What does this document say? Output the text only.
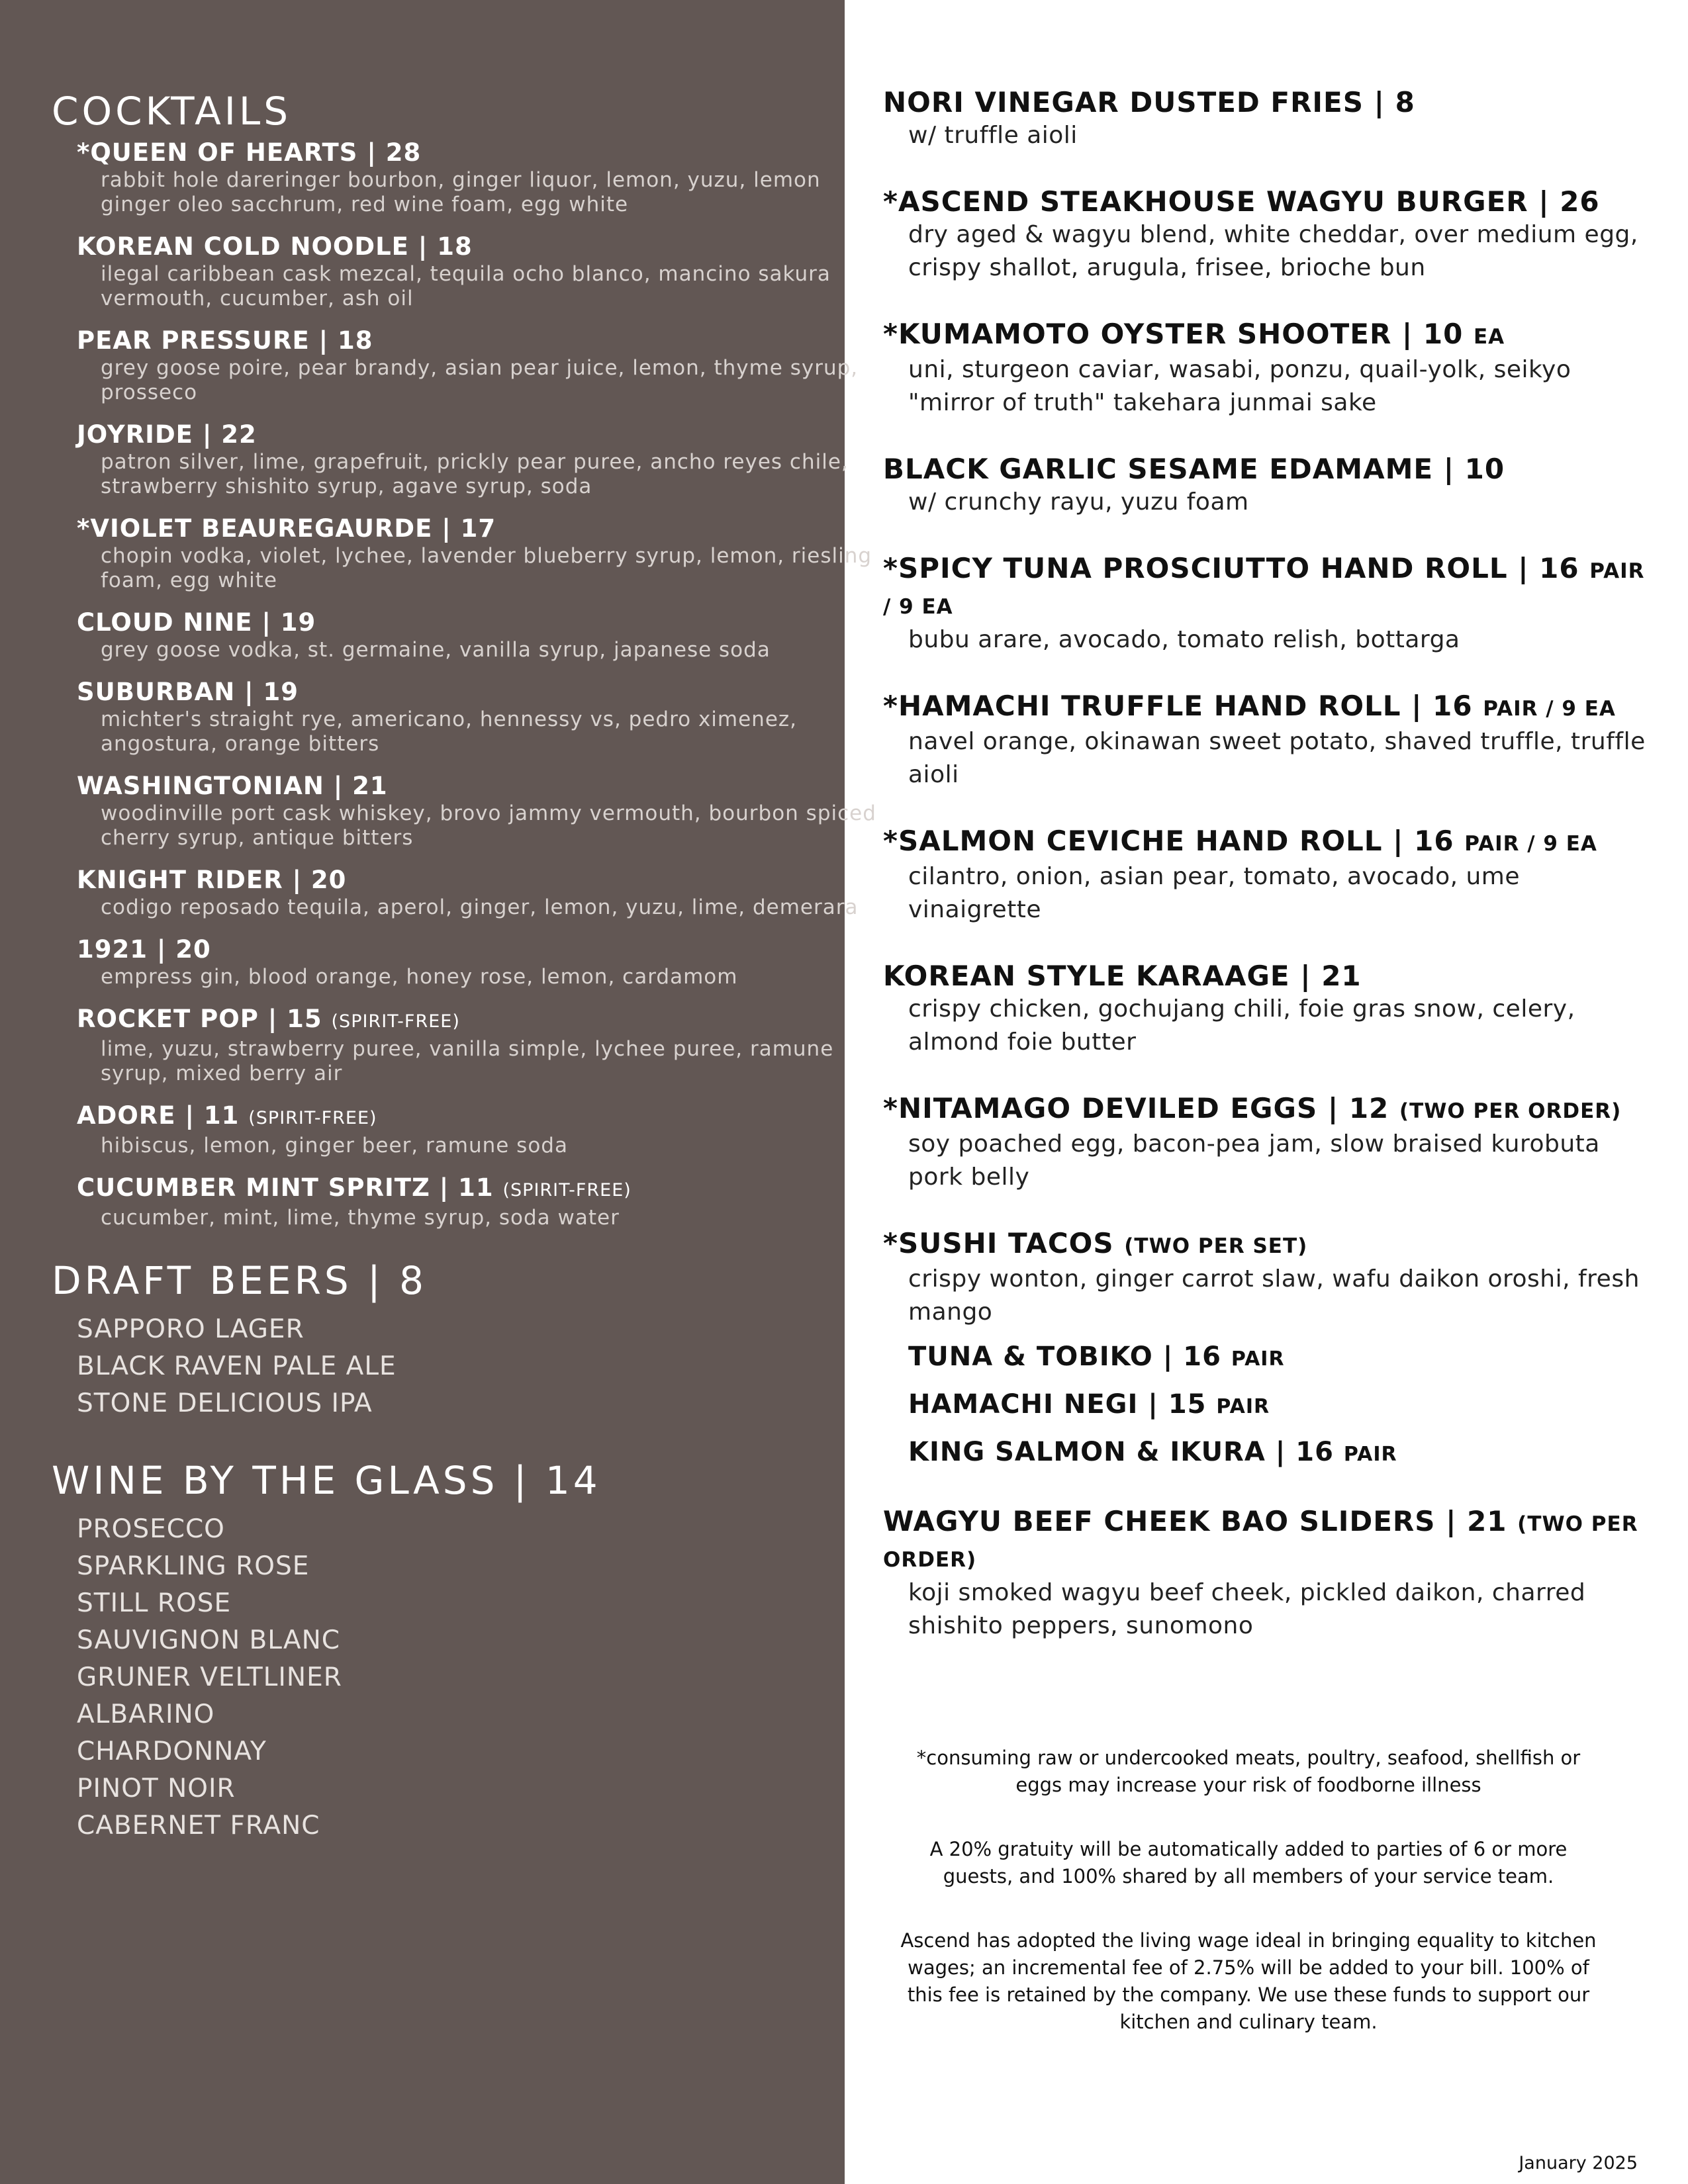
COCKTAILS
*QUEEN OF HEARTS | 28
rabbit hole dareringer bourbon, ginger liquor, lemon, yuzu, lemon ginger oleo sacchrum, red wine foam, egg white
KOREAN COLD NOODLE | 18
ilegal caribbean cask mezcal, tequila ocho blanco, mancino sakura vermouth, cucumber, ash oil
PEAR PRESSURE | 18
grey goose poire, pear brandy, asian pear juice, lemon, thyme syrup, prosseco
JOYRIDE | 22
patron silver, lime, grapefruit, prickly pear puree, ancho reyes chile, strawberry shishito syrup, agave syrup, soda
*VIOLET BEAUREGAURDE | 17
chopin vodka, violet, lychee, lavender blueberry syrup, lemon, riesling foam, egg white
CLOUD NINE | 19
grey goose vodka, st. germaine, vanilla syrup, japanese soda
SUBURBAN | 19
michter's straight rye, americano, hennessy vs, pedro ximenez, angostura, orange bitters
WASHINGTONIAN | 21
woodinville port cask whiskey, brovo jammy vermouth, bourbon spiced cherry syrup, antique bitters
KNIGHT RIDER | 20
codigo reposado tequila, aperol, ginger, lemon, yuzu, lime, demerara
1921 | 20
empress gin, blood orange, honey rose, lemon, cardamom
ROCKET POP | 15 (SPIRIT-FREE)
lime, yuzu, strawberry puree, vanilla simple, lychee puree, ramune syrup, mixed berry air
ADORE | 11 (SPIRIT-FREE)
hibiscus, lemon, ginger beer, ramune soda
CUCUMBER MINT SPRITZ | 11 (SPIRIT-FREE)
cucumber, mint, lime, thyme syrup, soda water
DRAFT BEERS | 8
SAPPORO LAGER
BLACK RAVEN PALE ALE
STONE DELICIOUS IPA
WINE BY THE GLASS | 14
PROSECCO
SPARKLING ROSE
STILL ROSE
SAUVIGNON BLANC
GRUNER VELTLINER
ALBARINO
CHARDONNAY
PINOT NOIR
CABERNET FRANC
NORI VINEGAR DUSTED FRIES | 8
w/ truffle aioli
*ASCEND STEAKHOUSE WAGYU BURGER | 26
dry aged & wagyu blend, white cheddar, over medium egg, crispy shallot, arugula, frisee, brioche bun
*KUMAMOTO OYSTER SHOOTER | 10 EA
uni, sturgeon caviar, wasabi, ponzu, quail-yolk, seikyo "mirror of truth" takehara junmai sake
BLACK GARLIC SESAME EDAMAME | 10
w/ crunchy rayu, yuzu foam
*SPICY TUNA PROSCIUTTO HAND ROLL | 16 PAIR / 9 EA
bubu arare, avocado, tomato relish, bottarga
*HAMACHI TRUFFLE HAND ROLL | 16 PAIR / 9 EA
navel orange, okinawan sweet potato, shaved truffle, truffle aioli
*SALMON CEVICHE HAND ROLL | 16 PAIR / 9 EA
cilantro, onion, asian pear, tomato, avocado, ume vinaigrette
KOREAN STYLE KARAAGE | 21
crispy chicken, gochujang chili, foie gras snow, celery, almond foie butter
*NITAMAGO DEVILED EGGS | 12 (TWO PER ORDER)
soy poached egg, bacon-pea jam, slow braised kurobuta pork belly
*SUSHI TACOS (TWO PER SET)
crispy wonton, ginger carrot slaw, wafu daikon oroshi, fresh mango
TUNA & TOBIKO | 16 PAIR
HAMACHI NEGI | 15 PAIR
KING SALMON & IKURA | 16 PAIR
WAGYU BEEF CHEEK BAO SLIDERS | 21 (TWO PER ORDER)
koji smoked wagyu beef cheek, pickled daikon, charred shishito peppers, sunomono
*consuming raw or undercooked meats, poultry, seafood, shellfish or eggs may increase your risk of foodborne illness
A 20% gratuity will be automatically added to parties of 6 or more guests, and 100% shared by all members of your service team.
Ascend has adopted the living wage ideal in bringing equality to kitchen wages; an incremental fee of 2.75% will be added to your bill. 100% of this fee is retained by the company. We use these funds to support our kitchen and culinary team.
January 2025
